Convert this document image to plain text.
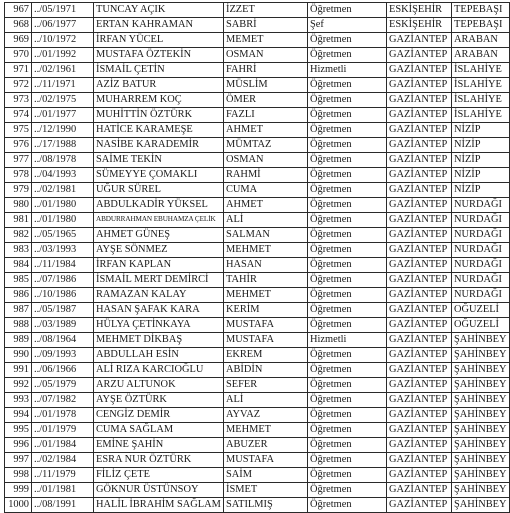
967	../05/1971	TUNCAY AÇIK	İZZET	Öğretmen	ESKİŞEHİR	TEPEBAŞI
968	../06/1977	ERTAN KAHRAMAN	SABRİ	Şef	ESKİŞEHİR	TEPEBAŞI
969	../10/1972	İRFAN YÜCEL	MEMET	Öğretmen	GAZİANTEP	ARABAN
970	../01/1992	MUSTAFA ÖZTEKİN	OSMAN	Öğretmen	GAZİANTEP	ARABAN
971	../02/1961	İSMAİL ÇETİN	FAHRİ	Hizmetli	GAZİANTEP	İSLAHİYE
972	../11/1971	AZİZ BATUR	MÜSLİM	Öğretmen	GAZİANTEP	İSLAHİYE
973	../02/1975	MUHARREM KOÇ	ÖMER	Öğretmen	GAZİANTEP	İSLAHİYE
974	../01/1977	MUHİTTİN ÖZTÜRK	FAZLI	Öğretmen	GAZİANTEP	İSLAHİYE
975	../12/1990	HATİCE KARAMEŞE	AHMET	Öğretmen	GAZİANTEP	NİZİP
976	../17/1988	NASİBE KARADEMİR	MÜMTAZ	Öğretmen	GAZİANTEP	NİZİP
977	../08/1978	SAİME TEKİN	OSMAN	Öğretmen	GAZİANTEP	NİZİP
978	../04/1993	SÜMEYYE ÇOMAKLI	RAHMİ	Öğretmen	GAZİANTEP	NİZİP
979	../02/1981	UĞUR SÜREL	CUMA	Öğretmen	GAZİANTEP	NİZİP
980	../01/1980	ABDULKADİR YÜKSEL	AHMET	Öğretmen	GAZİANTEP	NURDAĞI
981	../01/1980	ABDURRAHMAN EBUHAMZA ÇELİK	ALİ	Öğretmen	GAZİANTEP	NURDAĞI
982	../05/1965	AHMET GÜNEŞ	SALMAN	Öğretmen	GAZİANTEP	NURDAĞI
983	../03/1993	AYŞE SÖNMEZ	MEHMET	Öğretmen	GAZİANTEP	NURDAĞI
984	../11/1984	İRFAN KAPLAN	HASAN	Öğretmen	GAZİANTEP	NURDAĞI
985	../07/1986	İSMAİL MERT DEMİRCİ	TAHİR	Öğretmen	GAZİANTEP	NURDAĞI
986	../10/1986	RAMAZAN KALAY	MEHMET	Öğretmen	GAZİANTEP	NURDAĞI
987	../05/1987	HASAN ŞAFAK KARA	KERİM	Öğretmen	GAZİANTEP	OĞUZELİ
988	../03/1989	HÜLYA ÇETİNKAYA	MUSTAFA	Öğretmen	GAZİANTEP	OĞUZELİ
989	../08/1964	MEHMET DİKBAŞ	MUSTAFA	Hizmetli	GAZİANTEP	ŞAHİNBEY
990	../09/1993	ABDULLAH ESİN	EKREM	Öğretmen	GAZİANTEP	ŞAHİNBEY
991	../06/1966	ALİ RIZA KARCIOĞLU	ABİDİN	Öğretmen	GAZİANTEP	ŞAHİNBEY
992	../05/1979	ARZU ALTUNOK	SEFER	Öğretmen	GAZİANTEP	ŞAHİNBEY
993	../07/1982	AYŞE ÖZTÜRK	ALİ	Öğretmen	GAZİANTEP	ŞAHİNBEY
994	../01/1978	CENGİZ DEMİR	AYVAZ	Öğretmen	GAZİANTEP	ŞAHİNBEY
995	../01/1979	CUMA SAĞLAM	MEHMET	Öğretmen	GAZİANTEP	ŞAHİNBEY
996	../01/1984	EMİNE ŞAHİN	ABUZER	Öğretmen	GAZİANTEP	ŞAHİNBEY
997	../02/1984	ESRA NUR ÖZTÜRK	MUSTAFA	Öğretmen	GAZİANTEP	ŞAHİNBEY
998	../11/1979	FİLİZ ÇETE	SAİM	Öğretmen	GAZİANTEP	ŞAHİNBEY
999	../01/1981	GÖKNUR ÜSTÜNSOY	İSMET	Öğretmen	GAZİANTEP	ŞAHİNBEY
1000	../08/1991	HALİL İBRAHİM SAĞLAM	SATILMIŞ	Öğretmen	GAZİANTEP	ŞAHİNBEY
